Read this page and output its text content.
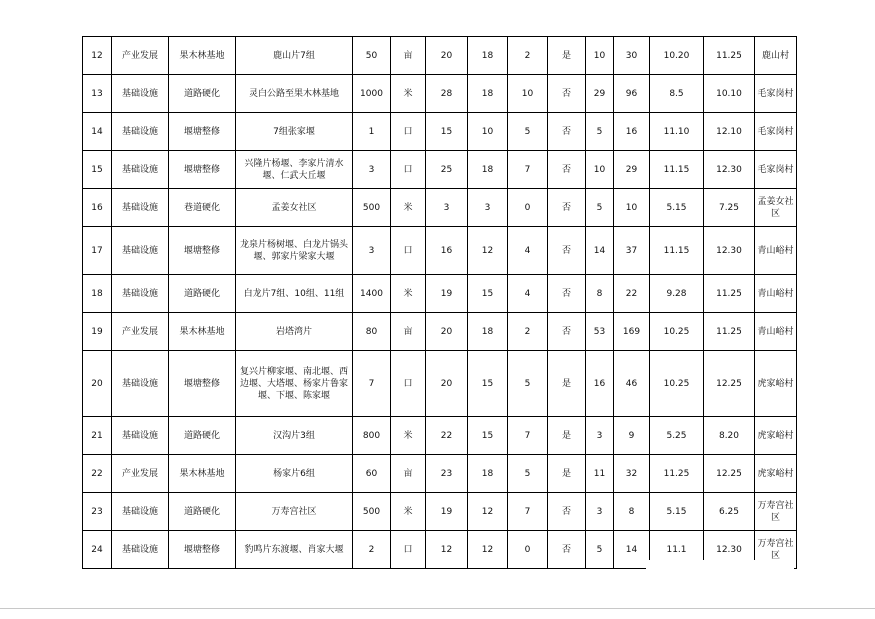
12	产业发展	果木林基地	鹿山片7组	50	亩	20	18	2	是	10	30	10.20	11.25	鹿山村
13	基础设施	道路硬化	灵白公路至果木林基地	1000	米	28	18	10	否	29	96	8.5	10.10	毛家岗村
14	基础设施	堰塘整修	7组张家堰	1	口	15	10	5	否	5	16	11.10	12.10	毛家岗村
15	基础设施	堰塘整修	兴隆片杨堰、李家片清水堰、仁武大丘堰	3	口	25	18	7	否	10	29	11.15	12.30	毛家岗村
16	基础设施	巷道硬化	孟姜女社区	500	米	3	3	0	否	5	10	5.15	7.25	孟姜女社区
17	基础设施	堰塘整修	龙泉片杨树堰、白龙片锅头堰、郭家片梁家大堰	3	口	16	12	4	否	14	37	11.15	12.30	青山峪村
18	基础设施	道路硬化	白龙片7组、10组、11组	1400	米	19	15	4	否	8	22	9.28	11.25	青山峪村
19	产业发展	果木林基地	岩塔湾片	80	亩	20	18	2	否	53	169	10.25	11.25	青山峪村
20	基础设施	堰塘整修	复兴片柳家堰、南北堰、西边堰、大塔堰、杨家片鲁家堰、下堰、陈家堰	7	口	20	15	5	是	16	46	10.25	12.25	虎家峪村
21	基础设施	道路硬化	汉沟片3组	800	米	22	15	7	是	3	9	5.25	8.20	虎家峪村
22	产业发展	果木林基地	杨家片6组	60	亩	23	18	5	是	11	32	11.25	12.25	虎家峪村
23	基础设施	道路硬化	万寿宫社区	500	米	19	12	7	否	3	8	5.15	6.25	万寿宫社区
24	基础设施	堰塘整修	豹鸣片东渡堰、肖家大堰	2	口	12	12	0	否	5	14	11.1	12.30	万寿宫社区
